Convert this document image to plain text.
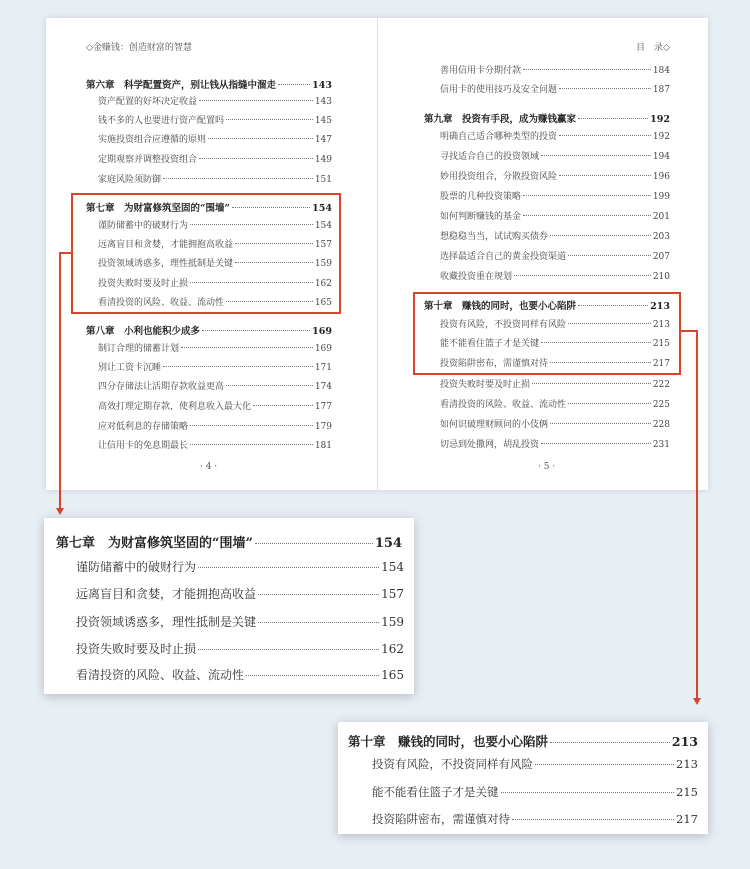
◇金赚钱：创造财富的智慧
第六章　科学配置资产，别让钱从指缝中溜走	143
资产配置的好坏决定收益	143
钱不多的人也要进行资产配置吗	145
实施投资组合应遵循的原则	147
定期观察并调整投资组合	149
家庭风险须防御	151
第七章　为财富修筑坚固的“围墙”	154
谨防储蓄中的破财行为	154
远离盲目和贪婪，才能拥抱高收益	157
投资领域诱惑多，理性抵制是关键	159
投资失败时要及时止损	162
看清投资的风险、收益、流动性	165
第八章　小利也能积少成多	169
制订合理的储蓄计划	169
别让工资卡沉睡	171
四分存储法让活期存款收益更高	174
高效打理定期存款，使利息收入最大化	177
应对低利息的存储策略	179
让信用卡的免息期最长	181
· 4 ·
目　录◇
善用信用卡分期付款	184
信用卡的使用技巧及安全问题	187
第九章　投资有手段，成为赚钱赢家	192
明确自己适合哪种类型的投资	192
寻找适合自己的投资领域	194
妙用投资组合，分散投资风险	196
股票的几种投资策略	199
如何判断赚钱的基金	201
想稳稳当当，试试购买债券	203
选择最适合自己的黄金投资渠道	207
收藏投资重在规划	210
第十章　赚钱的同时，也要小心陷阱	213
投资有风险，不投资同样有风险	213
能不能看住篮子才是关键	215
投资陷阱密布，需谨慎对待	217
投资失败时要及时止损	222
看清投资的风险、收益、流动性	225
如何识破理财顾问的小伎俩	228
切忌到处撒网，胡乱投资	231
· 5 ·
第七章　为财富修筑坚固的“围墙”	154
谨防储蓄中的破财行为	154
远离盲目和贪婪，才能拥抱高收益	157
投资领域诱惑多，理性抵制是关键	159
投资失败时要及时止损	162
看清投资的风险、收益、流动性	165
第十章　赚钱的同时，也要小心陷阱	213
投资有风险，不投资同样有风险	213
能不能看住篮子才是关键	215
投资陷阱密布，需谨慎对待	217
